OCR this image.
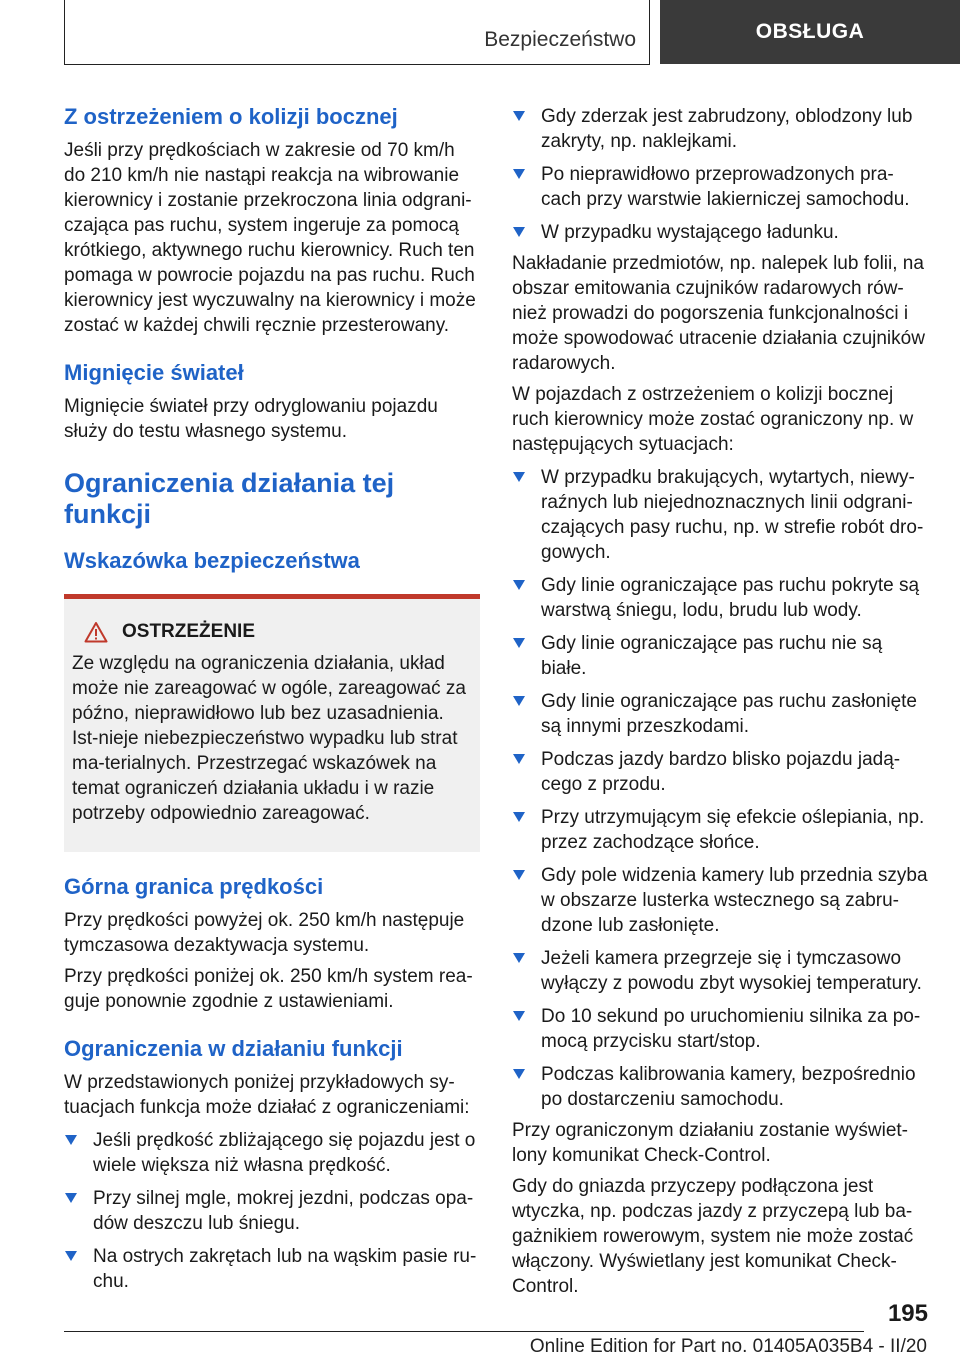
Bezpieczeństwo	OBSŁUGA
Z ostrzeżeniem o kolizji bocznej

Jeśli przy prędkościach w zakresie od 70 km/h do 210 km/h nie nastąpi reakcja na wibrowanie kierownicy i zostanie przekroczona linia odgrani-czająca pas ruchu, system ingeruje za pomocą krótkiego, aktywnego ruchu kierownicy. Ruch ten pomaga w powrocie pojazdu na pas ruchu. Ruch kierownicy jest wyczuwalny na kierownicy i może zostać w każdej chwili ręcznie przesterowany.

Mignięcie świateł

Mignięcie świateł przy odryglowaniu pojazdu służy do testu własnego systemu.

Ograniczenia działania tej funkcji
Wskazówka bezpieczeństwa
OSTRZEŻENIE

Ze względu na ograniczenia działania, układ może nie zareagować w ogóle, zareagować za późno, nieprawidłowo lub bez uzasadnienia. Ist-nieje niebezpieczeństwo wypadku lub strat ma-terialnych. Przestrzegać wskazówek na temat ograniczeń działania układu i w razie potrzeby odpowiednio zareagować.

Górna granica prędkości

Przy prędkości powyżej ok. 250 km/h następuje tymczasowa dezaktywacja systemu.

Przy prędkości poniżej ok. 250 km/h system rea-guje ponownie zgodnie z ustawieniami.

Ograniczenia w działaniu funkcji

W przedstawionych poniżej przykładowych sy-tuacjach funkcja może działać z ograniczeniami:

Jeśli prędkość zbliżającego się pojazdu jest o wiele większa niż własna prędkość.
Przy silnej mgle, mokrej jezdni, podczas opa-dów deszczu lub śniegu.
Na ostrych zakrętach lub na wąskim pasie ru-chu.
Gdy zderzak jest zabrudzony, oblodzony lub zakryty, np. naklejkami.
Po nieprawidłowo przeprowadzonych pra-cach przy warstwie lakierniczej samochodu.
W przypadku wystającego ładunku.

Nakładanie przedmiotów, np. nalepek lub folii, na obszar emitowania czujników radarowych rów-nież prowadzi do pogorszenia funkcjonalności i może spowodować utracenie działania czujników radarowych.

W pojazdach z ostrzeżeniem o kolizji bocznej ruch kierownicy może zostać ograniczony np. w następujących sytuacjach:

W przypadku brakujących, wytartych, niewy-raźnych lub niejednoznacznych linii odgrani-czających pasy ruchu, np. w strefie robót dro-gowych.
Gdy linie ograniczające pas ruchu pokryte są warstwą śniegu, lodu, brudu lub wody.
Gdy linie ograniczające pas ruchu nie są białe.
Gdy linie ograniczające pas ruchu zasłonięte są innymi przeszkodami.
Podczas jazdy bardzo blisko pojazdu jadą-cego z przodu.
Przy utrzymującym się efekcie oślepiania, np. przez zachodzące słońce.
Gdy pole widzenia kamery lub przednia szyba w obszarze lusterka wstecznego są zabru-dzone lub zasłonięte.
Jeżeli kamera przegrzeje się i tymczasowo wyłączy z powodu zbyt wysokiej temperatury.
Do 10 sekund po uruchomieniu silnika za po-mocą przycisku start/stop.
Podczas kalibrowania kamery, bezpośrednio po dostarczeniu samochodu.

Przy ograniczonym działaniu zostanie wyświet-lony komunikat Check-Control.

Gdy do gniazda przyczepy podłączona jest wtyczka, np. podczas jazdy z przyczepą lub ba-gażnikiem rowerowym, system nie może zostać włączony. Wyświetlany jest komunikat Check-Control.

195
Online Edition for Part no. 01405A035B4 - II/20
